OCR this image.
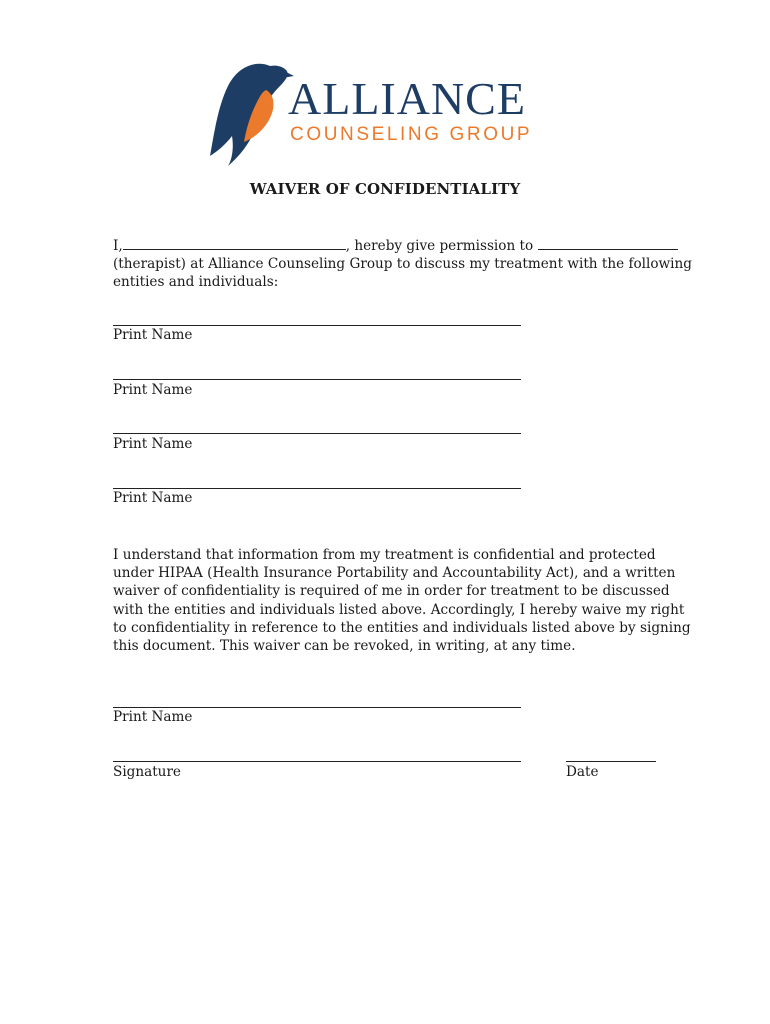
ALLIANCE
COUNSELING GROUP
WAIVER OF CONFIDENTIALITY
I,	, hereby give permission to
(therapist) at Alliance Counseling Group to discuss my treatment with the following
entities and individuals:
Print Name
Print Name
Print Name
Print Name
I understand that information from my treatment is confidential and protected
under HIPAA (Health Insurance Portability and Accountability Act), and a written
waiver of confidentiality is required of me in order for treatment to be discussed
with the entities and individuals listed above. Accordingly, I hereby waive my right
to confidentiality in reference to the entities and individuals listed above by signing
this document. This waiver can be revoked, in writing, at any time.
Print Name
Signature	Date
